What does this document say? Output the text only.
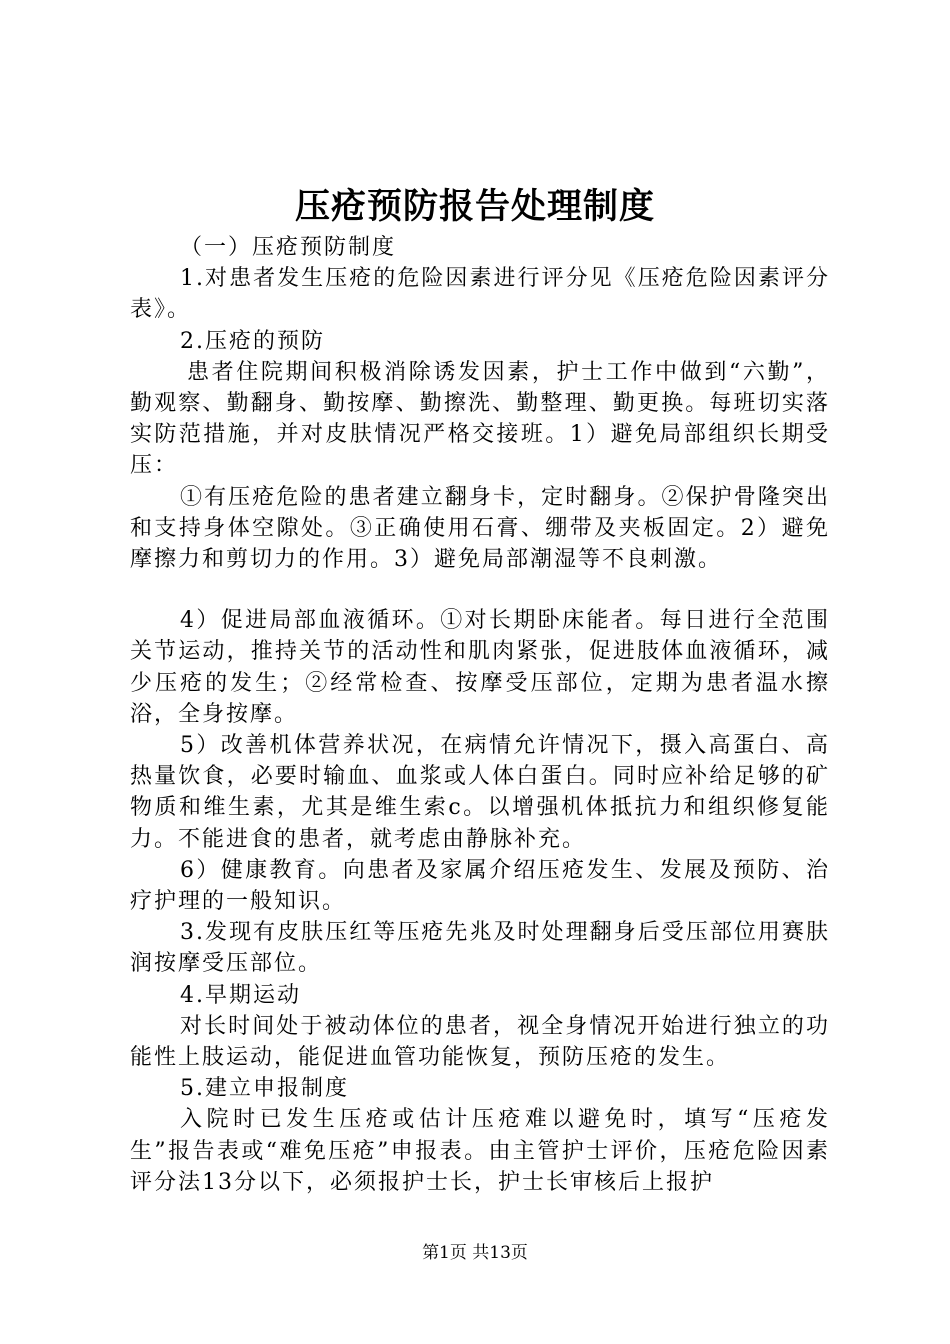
压疮预防报告处理制度

（一）压疮预防制度

1.对患者发生压疮的危险因素进行评分见《压疮危险因素评分表》。

2.压疮的预防

患者住院期间积极消除诱发因素，护士工作中做到“六勤”，勤观察、勤翻身、勤按摩、勤擦洗、勤整理、勤更换。每班切实落实防范措施，并对皮肤情况严格交接班。1）避免局部组织长期受压：

①有压疮危险的患者建立翻身卡，定时翻身。②保护骨隆突出和支持身体空隙处。③正确使用石膏、绷带及夹板固定。2）避免摩擦力和剪切力的作用。3）避免局部潮湿等不良刺激。

4）促进局部血液循环。①对长期卧床能者。每日进行全范围关节运动，推持关节的活动性和肌肉紧张，促进肢体血液循环，减少压疮的发生；②经常检查、按摩受压部位，定期为患者温水擦浴，全身按摩。

5）改善机体营养状况，在病情允许情况下，摄入高蛋白、高热量饮食，必要时输血、血浆或人体白蛋白。同时应补给足够的矿物质和维生素，尤其是维生索c。以增强机体抵抗力和组织修复能力。不能进食的患者，就考虑由静脉补充。

6）健康教育。向患者及家属介绍压疮发生、发展及预防、治疗护理的一般知识。

3.发现有皮肤压红等压疮先兆及时处理翻身后受压部位用赛肤润按摩受压部位。

4.早期运动

对长时间处于被动体位的患者，视全身情况开始进行独立的功能性上肢运动，能促进血管功能恢复，预防压疮的发生。

5.建立申报制度

入院时已发生压疮或估计压疮难以避免时，填写“压疮发生”报告表或“难免压疮”申报表。由主管护士评价，压疮危险因素评分法13分以下，必须报护士长，护士长审核后上报护

第1页 共13页
